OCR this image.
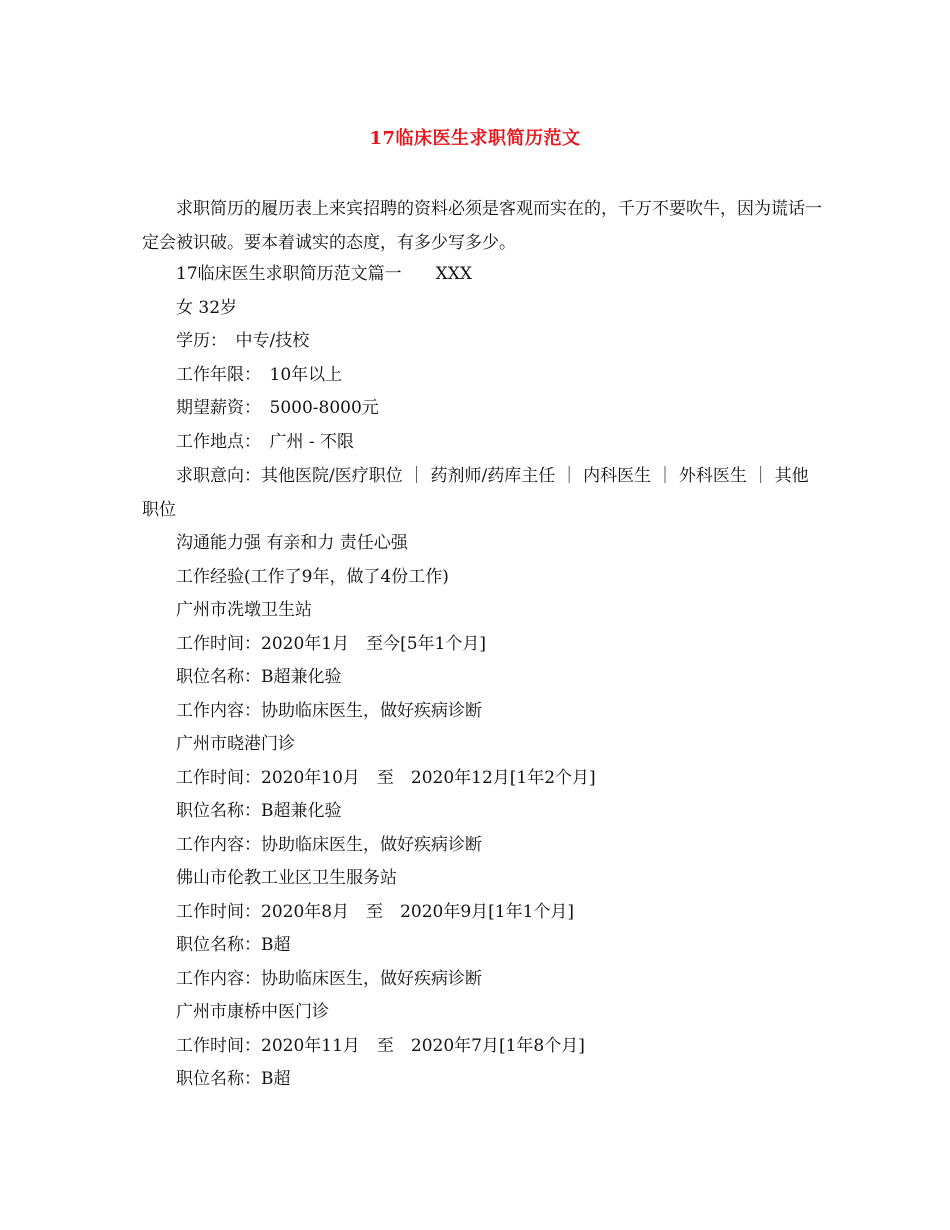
17临床医生求职简历范文

求职简历的履历表上来宾招聘的资料必须是客观而实在的，千万不要吹牛，因为谎话一定会被识破。要本着诚实的态度，有多少写多少。

17临床医生求职简历范文篇一　　XXX
女 32岁
学历：　中专/技校
工作年限：　10年以上
期望薪资：　5000-8000元
工作地点：　广州 - 不限
求职意向：其他医院/医疗职位 ｜ 药剂师/药库主任 ｜ 内科医生 ｜ 外科医生 ｜ 其他职位
沟通能力强 有亲和力 责任心强
工作经验(工作了9年，做了4份工作)
广州市冼墩卫生站
工作时间：2020年1月　至今[5年1个月]
职位名称：B超兼化验
工作内容：协助临床医生，做好疾病诊断
广州市晓港门诊
工作时间：2020年10月　至　2020年12月[1年2个月]
职位名称：B超兼化验
工作内容：协助临床医生，做好疾病诊断
佛山市伦教工业区卫生服务站
工作时间：2020年8月　至　2020年9月[1年1个月]
职位名称：B超
工作内容：协助临床医生，做好疾病诊断
广州市康桥中医门诊
工作时间：2020年11月　至　2020年7月[1年8个月]
职位名称：B超
